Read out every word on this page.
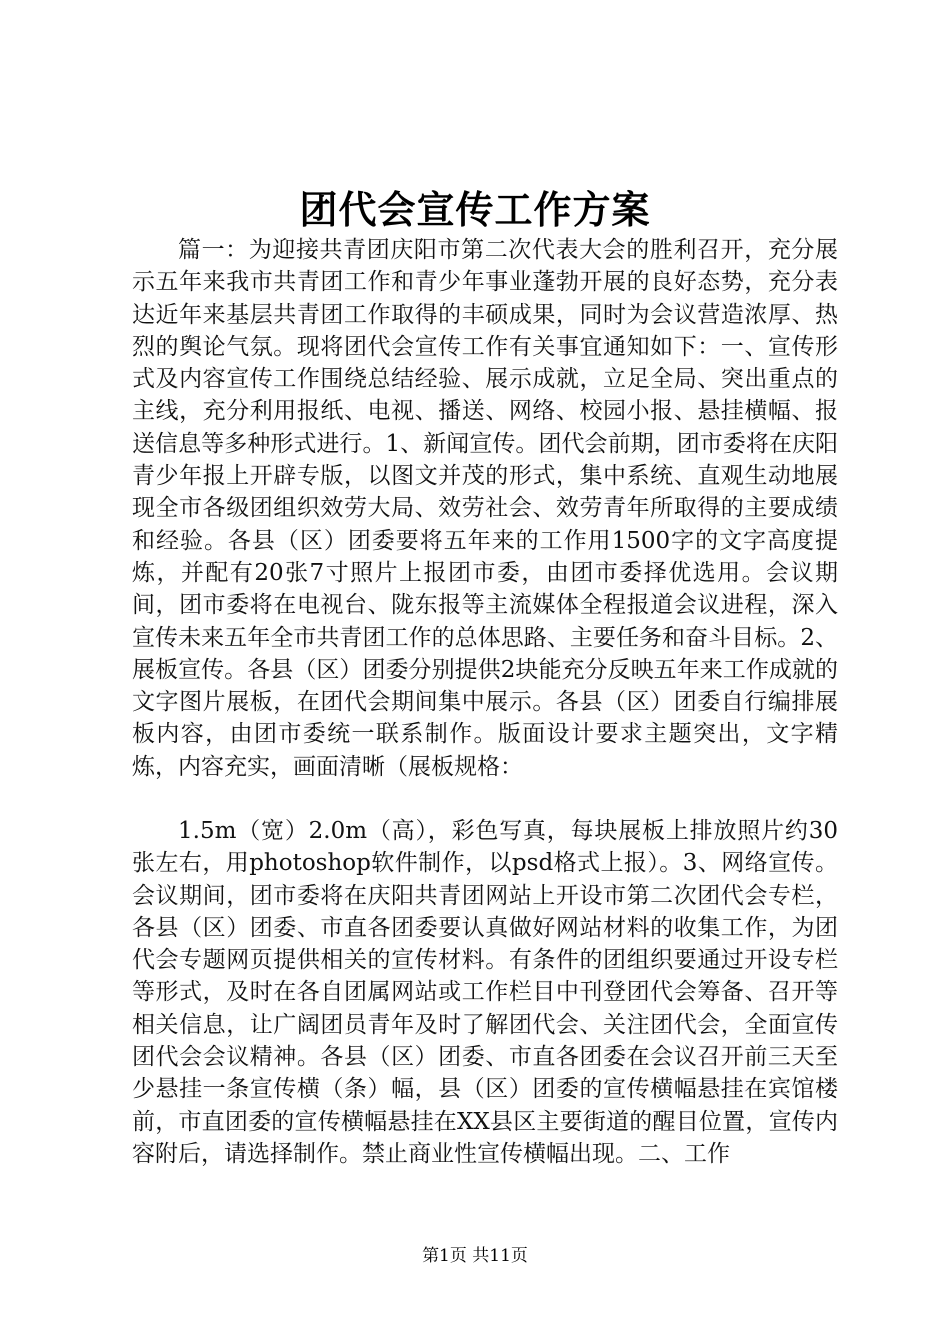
团代会宣传工作方案

篇一：为迎接共青团庆阳市第二次代表大会的胜利召开，充分展示五年来我市共青团工作和青少年事业蓬勃开展的良好态势，充分表达近年来基层共青团工作取得的丰硕成果，同时为会议营造浓厚、热烈的舆论气氛。现将团代会宣传工作有关事宜通知如下：一、宣传形式及内容宣传工作围绕总结经验、展示成就，立足全局、突出重点的主线，充分利用报纸、电视、播送、网络、校园小报、悬挂横幅、报送信息等多种形式进行。1、新闻宣传。团代会前期，团市委将在庆阳青少年报上开辟专版，以图文并茂的形式，集中系统、直观生动地展现全市各级团组织效劳大局、效劳社会、效劳青年所取得的主要成绩和经验。各县（区）团委要将五年来的工作用1500字的文字高度提炼，并配有20张7寸照片上报团市委，由团市委择优选用。会议期间，团市委将在电视台、陇东报等主流媒体全程报道会议进程，深入宣传未来五年全市共青团工作的总体思路、主要任务和奋斗目标。2、展板宣传。各县（区）团委分别提供2块能充分反映五年来工作成就的文字图片展板，在团代会期间集中展示。各县（区）团委自行编排展板内容，由团市委统一联系制作。版面设计要求主题突出，文字精炼，内容充实，画面清晰（展板规格：

1.5m（宽）2.0m（高），彩色写真，每块展板上排放照片约30张左右，用photoshop软件制作，以psd格式上报）。3、网络宣传。会议期间，团市委将在庆阳共青团网站上开设市第二次团代会专栏，各县（区）团委、市直各团委要认真做好网站材料的收集工作，为团代会专题网页提供相关的宣传材料。有条件的团组织要通过开设专栏等形式，及时在各自团属网站或工作栏目中刊登团代会筹备、召开等相关信息，让广阔团员青年及时了解团代会、关注团代会，全面宣传团代会会议精神。各县（区）团委、市直各团委在会议召开前三天至少悬挂一条宣传横（条）幅，县（区）团委的宣传横幅悬挂在宾馆楼前，市直团委的宣传横幅悬挂在XX县区主要街道的醒目位置，宣传内容附后，请选择制作。禁止商业性宣传横幅出现。二、工作

第1页 共11页
